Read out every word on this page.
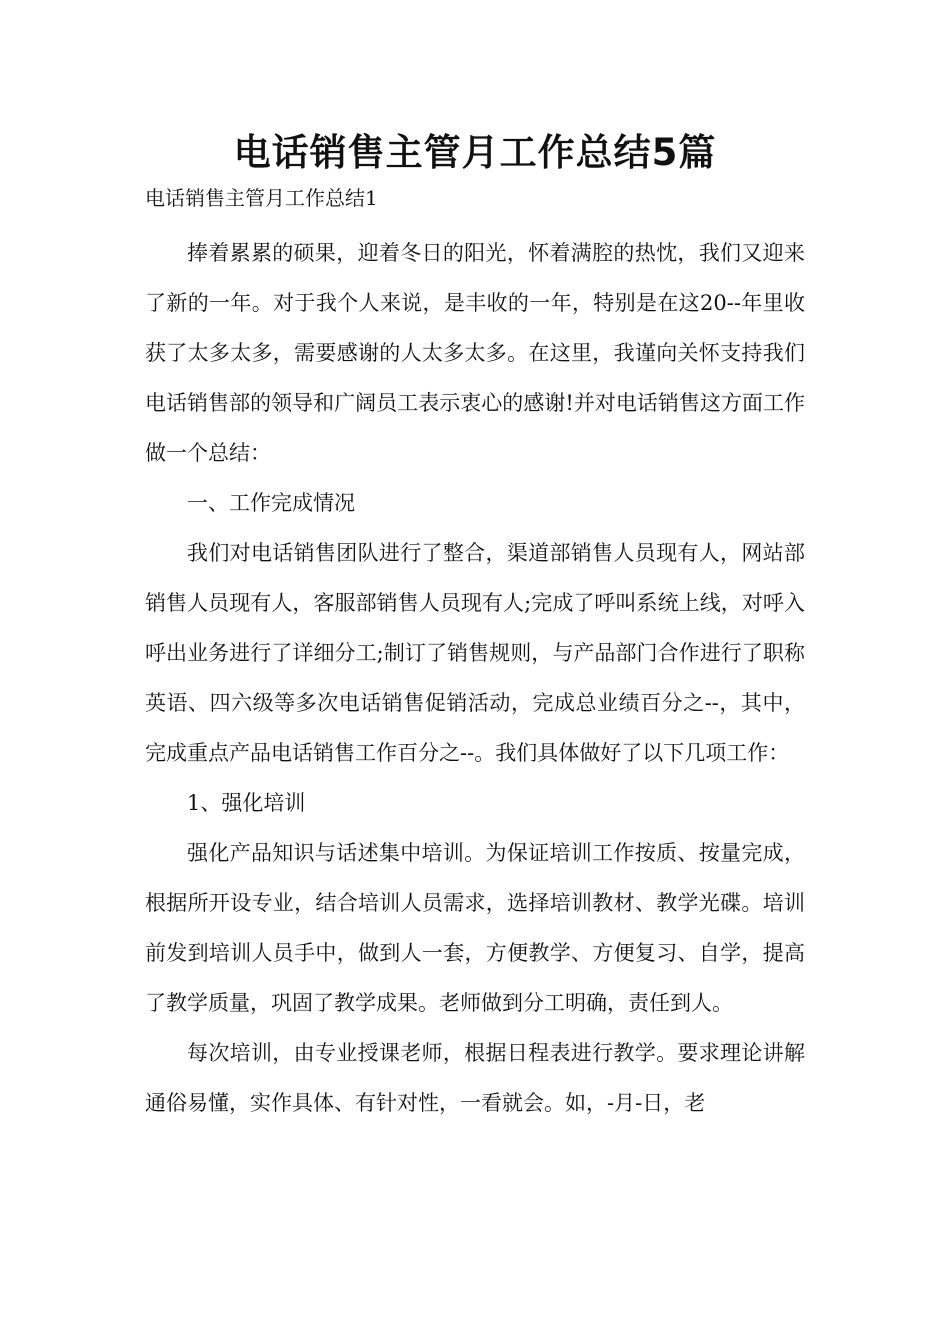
电话销售主管月工作总结5篇
电话销售主管月工作总结1

捧着累累的硕果，迎着冬日的阳光，怀着满腔的热忱，我们又迎来了新的一年。对于我个人来说，是丰收的一年，特别是在这20--年里收获了太多太多，需要感谢的人太多太多。在这里，我谨向关怀支持我们电话销售部的领导和广阔员工表示衷心的感谢!并对电话销售这方面工作做一个总结：

一、工作完成情况

我们对电话销售团队进行了整合，渠道部销售人员现有人，网站部销售人员现有人，客服部销售人员现有人;完成了呼叫系统上线，对呼入呼出业务进行了详细分工;制订了销售规则，与产品部门合作进行了职称英语、四六级等多次电话销售促销活动，完成总业绩百分之--，其中，完成重点产品电话销售工作百分之--。我们具体做好了以下几项工作：

1、强化培训

强化产品知识与话述集中培训。为保证培训工作按质、按量完成，根据所开设专业，结合培训人员需求，选择培训教材、教学光碟。培训前发到培训人员手中，做到人一套，方便教学、方便复习、自学，提高了教学质量，巩固了教学成果。老师做到分工明确，责任到人。

每次培训，由专业授课老师，根据日程表进行教学。要求理论讲解通俗易懂，实作具体、有针对性，一看就会。如，-月-日，老
